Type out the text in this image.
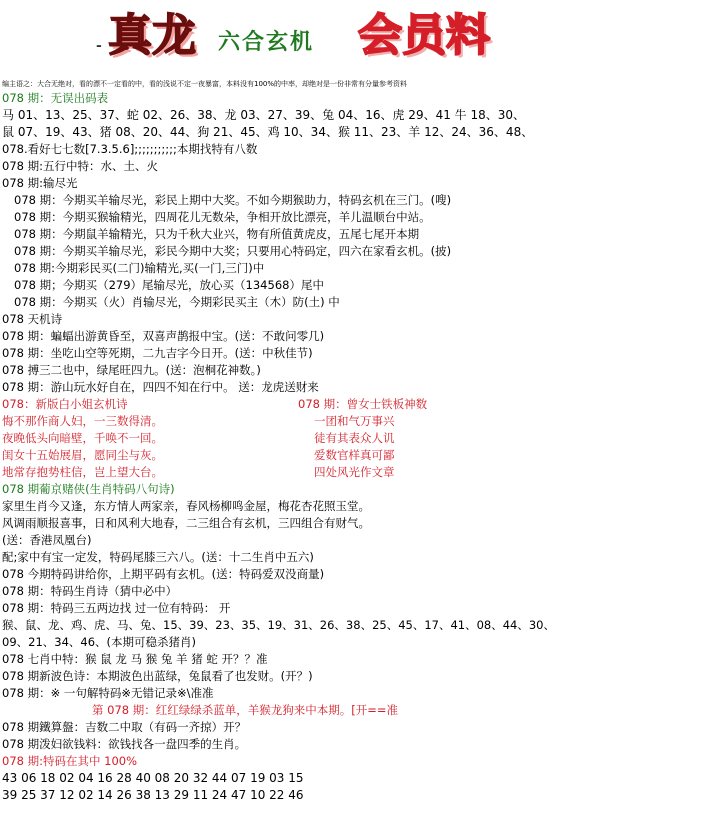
- 真龙 六合玄机 会员料
编主语之：大合无绝对，看的漂不一定看的中，看的浅说不定一夜暴富，本料没有100%的中率，却绝对是一份非常有分量参考资料
078 期：无误出码表
马 01、13、25、37、蛇 02、26、38、龙 03、27、39、兔 04、16、虎 29、41 牛 18、30、
鼠 07、19、43、猪 08、20、44、狗 21、45、鸡 10、34、猴 11、23、羊 12、24、36、48、
078.看好七七数[7.3.5.6];;;;;;;;;;;本期找特有八数
078 期:五行中特：水、土、火
078 期:输尽光
078 期：今期买羊输尽光，彩民上期中大奖。不如今期猴助力，特码玄机在三门。(嗖)
078 期：今期买猴输精光，四周花儿无数朵，争相开放比漂亮，羊儿温顺台中站。
078 期：今期鼠羊输精光，只为千秋大业兴，物有所值黄虎皮，五尾七尾开本期
078 期：今期买羊输尽光，彩民今期中大奖；只要用心特码定，四六在家看玄机。(披)
078 期:今期彩民买(二门)输精光,买(一门,三门)中
078 期；今期买（279）尾输尽光，放心买（134568）尾中
078 期：今期买（火）肖输尽光，今期彩民买主（木）防(土) 中
078 天机诗
078 期：蝙蝠出游黄昏至，双喜声鹊报中宝。(送：不敢问零几)
078 期：坐吃山空等死期，二九吉字今日开。(送：中秋佳节)
078 搏三二也中，绿尾旺四九。(送：泡桐花神数。)
078 期：游山玩水好自在，四四不知在行中。 送：龙虎送财来
078：新版白小姐玄机诗	078 期：曾女士铁板神数
悔不那作商人妇，一三数得清。	一团和气万事兴
夜晚低头向暗壁，千唤不一回。	徒有其表众人讥
闺女十五始展眉，愿同尘与灰。	爱数官样真可鄙
地常存抱势柱信，岂上望大台。	四处风光作文章
078 期葡京赌侠(生肖特码八句诗)
家里生肖今又逢，东方情人两家亲，春风杨柳鸣金屋，梅花杏花照玉堂。
风调雨顺报喜事，日和风利大地春，二三组合有玄机，三四组合有财气。
(送：香港凤凰台)
配;家中有宝一定发，特码尾膝三六八。(送：十二生肖中五六)
078 今期特码讲给你，上期平码有玄机。(送：特码爱双没商量)
078 期：特码生肖诗（猜中必中）
078 期：特码三五两边找 过一位有特码： 开
猴、鼠、龙、鸡、虎、马、兔、15、39、23、35、19、31、26、38、25、45、17、41、08、44、30、
09、21、34、46、(本期可稳杀猪肖)
078 七肖中特：猴 鼠 龙 马 猴 兔 羊 猪 蛇 开？？准
078 期新波色诗：本期波色出蓝绿，兔鼠看了也发财。(开？)
078 期：※ 一句解特码※无错记录※\准准
第 078 期：红红绿绿杀蓝单，羊猴龙狗来中本期。[开==准
078 期鐵算盤：吉数二中取（有码一齐掠）开？
078 期泼妇欲钱料：欲钱找各一盘四季的生肖。
078 期:特码在其中 100%
43 06 18 02 04 16 28 40 08 20 32 44 07 19 03 15
39 25 37 12 02 14 26 38 13 29 11 24 47 10 22 46
